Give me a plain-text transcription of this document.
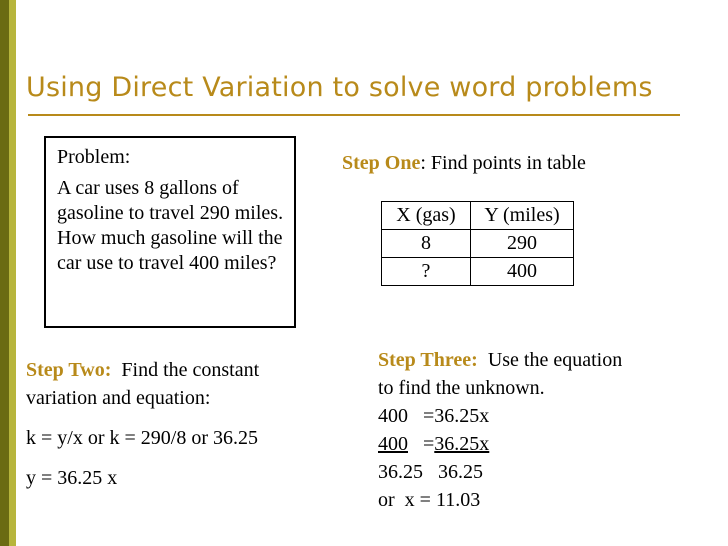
Using Direct Variation to solve word problems
Problem:
A car uses 8 gallons of gasoline to travel 290 miles. How much gasoline will the car use to travel 400 miles?
Step One: Find points in table
X (gas)	Y (miles)
8	290
?	400

Step Two:  Find the constant variation and equation:

k = y/x or k = 290/8 or 36.25

y = 36.25 x

Step Three:  Use the equation

to find the unknown.

400   =36.25x

400   =36.25x

36.25   36.25

or  x = 11.03
